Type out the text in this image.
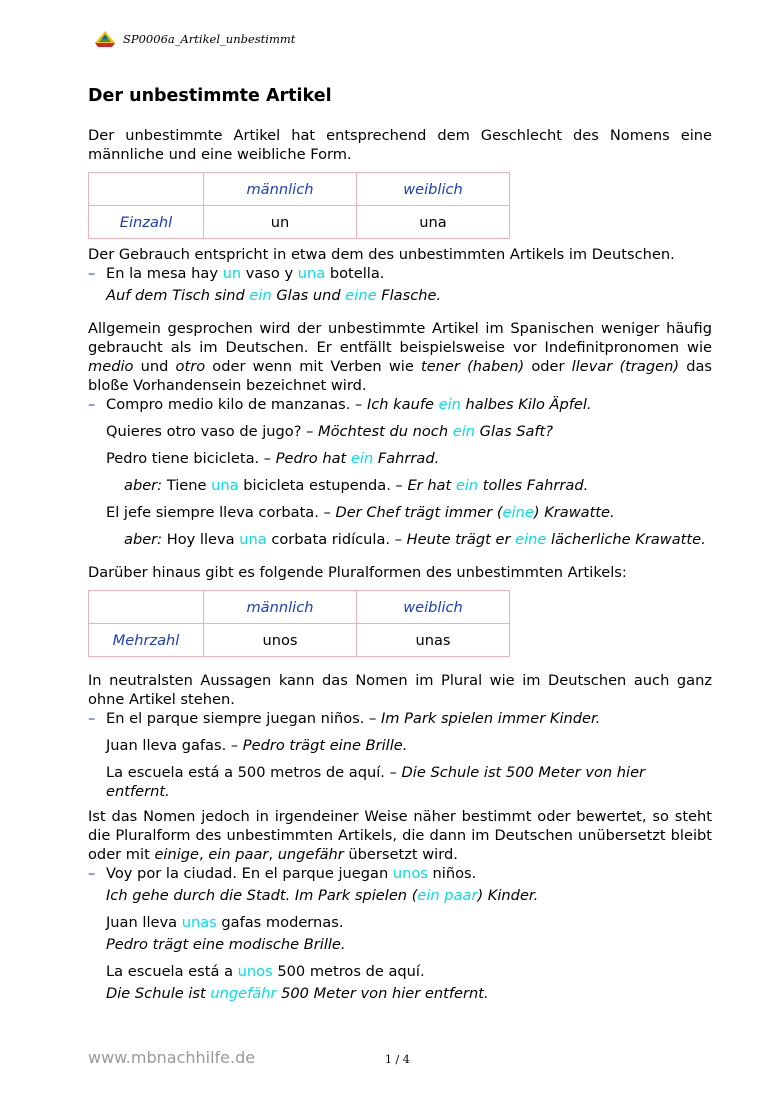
SP0006a_Artikel_unbestimmt
Der unbestimmte Artikel

Der unbestimmte Artikel hat entsprechend dem Geschlecht des Nomens eine männliche und eine weibliche Form.

	männlich	weiblich
Einzahl	un	una

Der Gebrauch entspricht in etwa dem des unbestimmten Artikels im Deutschen.

– En la mesa hay un vaso y una botella.
Auf dem Tisch sind ein Glas und eine Flasche.

Allgemein gesprochen wird der unbestimmte Artikel im Spanischen weniger häufig gebraucht als im Deutschen. Er entfällt beispielsweise vor Indefinitpronomen wie medio und otro oder wenn mit Verben wie tener (haben) oder llevar (tragen) das bloße Vorhandensein bezeichnet wird.

– Compro medio kilo de manzanas. – Ich kaufe ein halbes Kilo Äpfel.
Quieres otro vaso de jugo? – Möchtest du noch ein Glas Saft?
Pedro tiene bicicleta. – Pedro hat ein Fahrrad.
aber: Tiene una bicicleta estupenda. – Er hat ein tolles Fahrrad.
El jefe siempre lleva corbata. – Der Chef trägt immer (eine) Krawatte.
aber: Hoy lleva una corbata ridícula. – Heute trägt er eine lächerliche Krawatte.

Darüber hinaus gibt es folgende Pluralformen des unbestimmten Artikels:

	männlich	weiblich
Mehrzahl	unos	unas

In neutralsten Aussagen kann das Nomen im Plural wie im Deutschen auch ganz ohne Artikel stehen.

– En el parque siempre juegan niños. – Im Park spielen immer Kinder.
Juan lleva gafas. – Pedro trägt eine Brille.
La escuela está a 500 metros de aquí. – Die Schule ist 500 Meter von hier entfernt.

Ist das Nomen jedoch in irgendeiner Weise näher bestimmt oder bewertet, so steht die Pluralform des unbestimmten Artikels, die dann im Deutschen unübersetzt bleibt oder mit einige, ein paar, ungefähr übersetzt wird.

– Voy por la ciudad. En el parque juegan unos niños.
Ich gehe durch die Stadt. Im Park spielen (ein paar) Kinder.
Juan lleva unas gafas modernas.
Pedro trägt eine modische Brille.
La escuela está a unos 500 metros de aquí.
Die Schule ist ungefähr 500 Meter von hier entfernt.
www.mbnachhilfe.de	1 / 4
